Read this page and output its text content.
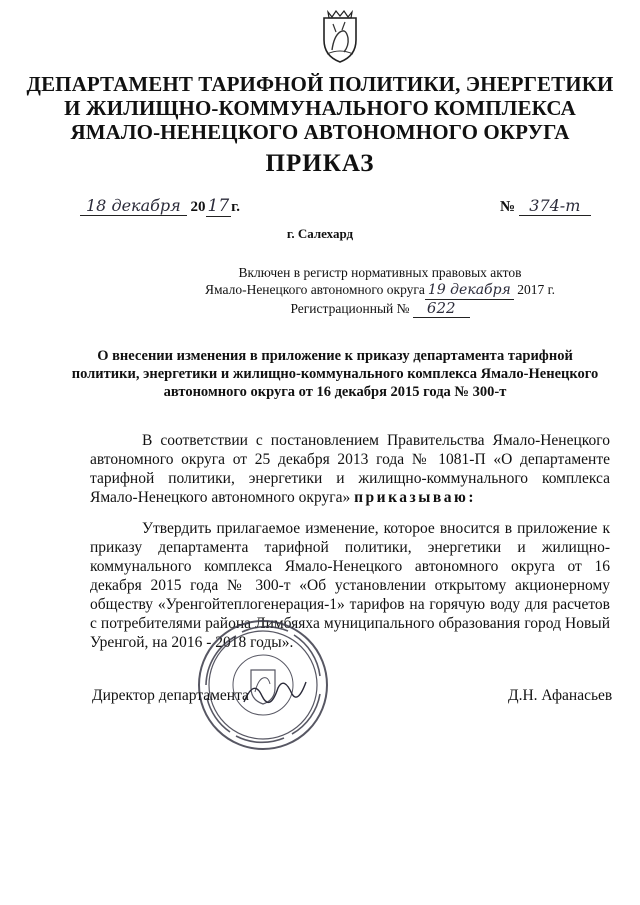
ДЕПАРТАМЕНТ ТАРИФНОЙ ПОЛИТИКИ, ЭНЕРГЕТИКИ
И ЖИЛИЩНО-КОММУНАЛЬНОГО КОМПЛЕКСА
ЯМАЛО-НЕНЕЦКОГО АВТОНОМНОГО ОКРУГА
ПРИКАЗ
18 декабря 20 17 г.	№ 374-т
г. Салехард
Включен в регистр нормативных правовых актов
Ямало-Ненецкого автономного округа 19 декабря 2017 г.
Регистрационный № 622
О внесении изменения в приложение к приказу департамента тарифной политики, энергетики и жилищно-коммунального комплекса Ямало-Ненецкого автономного округа от 16 декабря 2015 года № 300-т
В соответствии с постановлением Правительства Ямало-Ненецкого автономного округа от 25 декабря 2013 года № 1081-П «О департаменте тарифной политики, энергетики и жилищно-коммунального комплекса Ямало-Ненецкого автономного округа» приказываю:
Утвердить прилагаемое изменение, которое вносится в приложение к приказу департамента тарифной политики, энергетики и жилищно-коммунального комплекса Ямало-Ненецкого автономного округа от 16 декабря 2015 года № 300-т «Об установлении открытому акционерному обществу «Уренгойтеплогенерация-1» тарифов на горячую воду для расчетов с потребителями района Лимбяяха муниципального образования город Новый Уренгой, на 2016 - 2018 годы».
Директор департамента	Д.Н. Афанасьев
